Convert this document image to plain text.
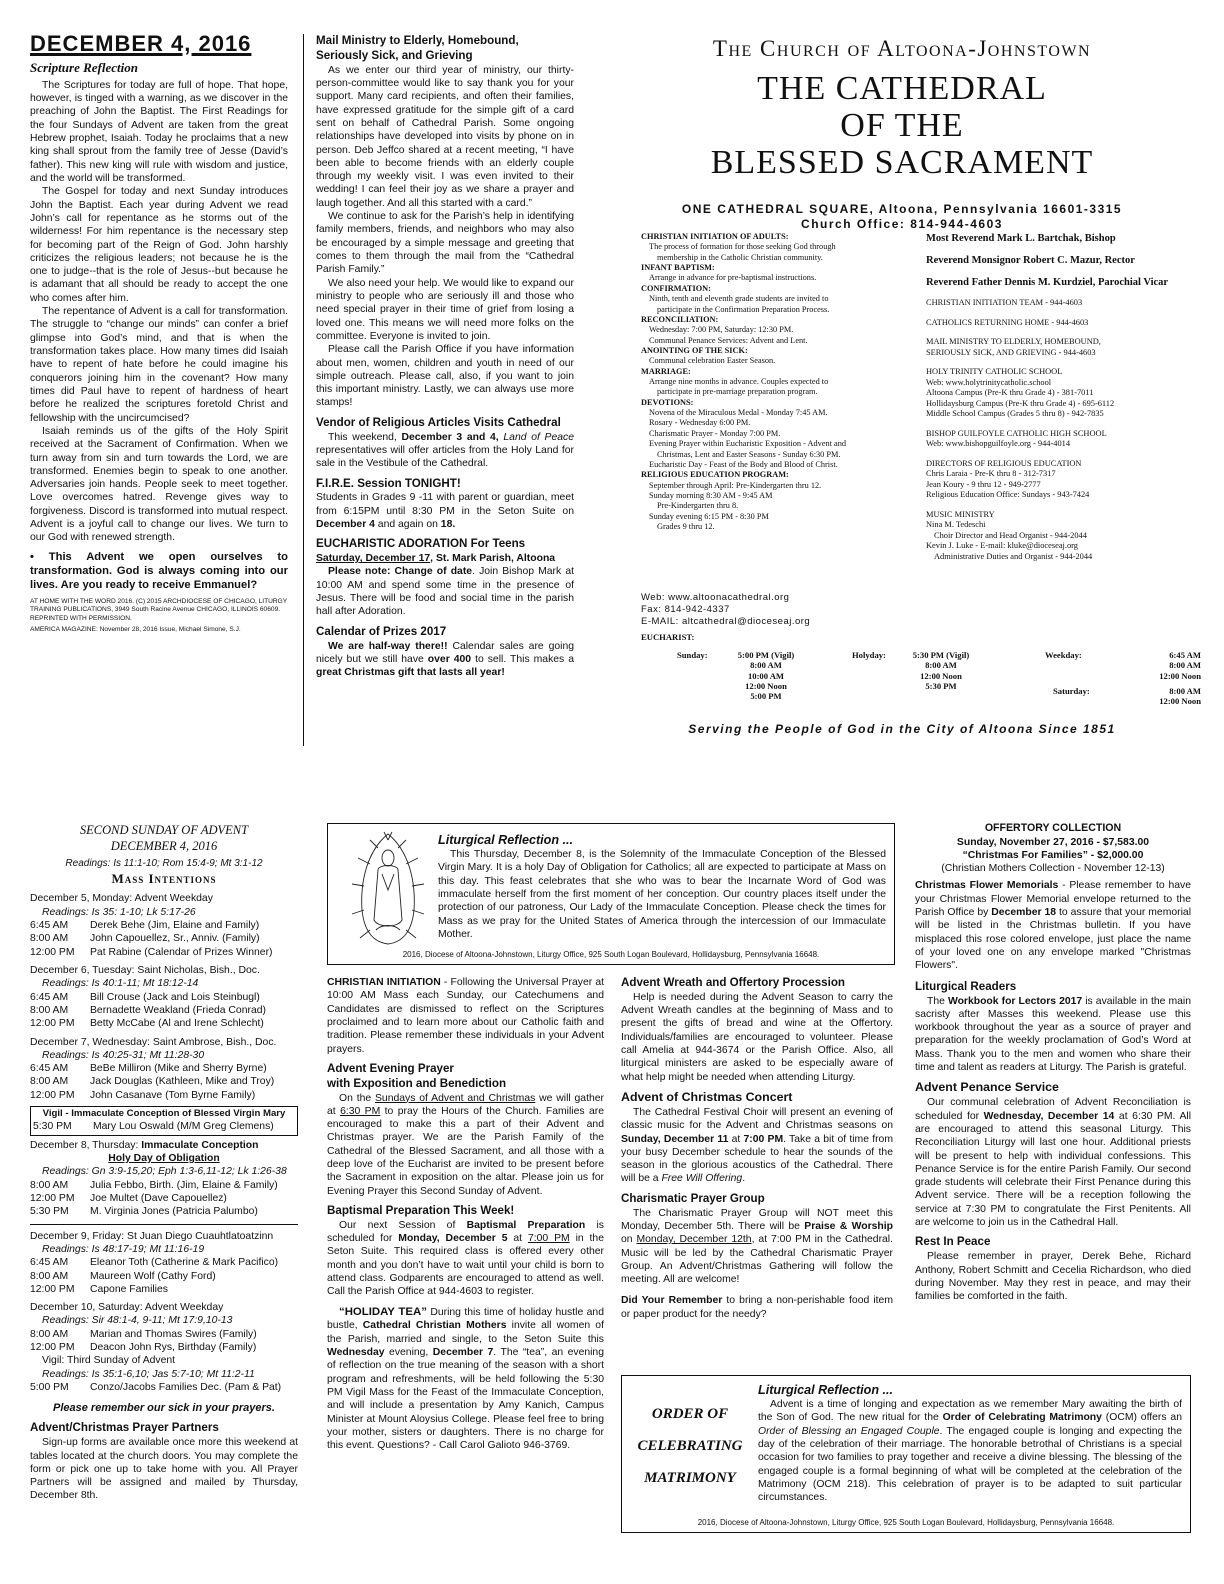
DECEMBER 4, 2016
Scripture Reflection

The Scriptures for today are full of hope. That hope, however, is tinged with a warning, as we discover in the preaching of John the Baptist. The First Readings for the four Sundays of Advent are taken from the great Hebrew prophet, Isaiah. Today he proclaims that a new king shall sprout from the family tree of Jesse (David’s father). This new king will rule with wisdom and justice, and the world will be transformed.

The Gospel for today and next Sunday introduces John the Baptist. Each year during Advent we read John’s call for repentance as he storms out of the wilderness! For him repentance is the necessary step for becoming part of the Reign of God. John harshly criticizes the religious leaders; not because he is the one to judge--that is the role of Jesus--but because he is adamant that all should be ready to accept the one who comes after him.

The repentance of Advent is a call for transformation. The struggle to “change our minds” can confer a brief glimpse into God’s mind, and that is when the transformation takes place. How many times did Isaiah have to repent of hate before he could imagine his conquerors joining him in the covenant? How many times did Paul have to repent of hardness of heart before he realized the scriptures foretold Christ and fellowship with the uncircumcised?

Isaiah reminds us of the gifts of the Holy Spirit received at the Sacrament of Confirmation. When we turn away from sin and turn towards the Lord, we are transformed. Enemies begin to speak to one another. Adversaries join hands. People seek to meet together. Love overcomes hatred. Revenge gives way to forgiveness. Discord is transformed into mutual respect. Advent is a joyful call to change our lives. We turn to our God with renewed strength.

• This Advent we open ourselves to transformation. God is always coming into our lives. Are you ready to receive Emmanuel?

AT HOME WITH THE WORD 2016. (C) 2015 ARCHDIOCESE OF CHICAGO, LITURGY TRAINING PUBLICATIONS, 3949 South Racine Avenue CHICAGO, ILLINOIS 60609. REPRINTED WITH PERMISSION.

AMERICA MAGAZINE: November 28, 2016 Issue, Michael Simone, S.J.

Mail Ministry to Elderly, Homebound, Seriously Sick, and Grieving

As we enter our third year of ministry, our thirty-person-committee would like to say thank you for your support. Many card recipients, and often their families, have expressed gratitude for the simple gift of a card sent on behalf of Cathedral Parish. Some ongoing relationships have developed into visits by phone on in person. Deb Jeffco shared at a recent meeting, “I have been able to become friends with an elderly couple through my weekly visit. I was even invited to their wedding! I can feel their joy as we share a prayer and laugh together. And all this started with a card.”

We continue to ask for the Parish’s help in identifying family members, friends, and neighbors who may also be encouraged by a simple message and greeting that comes to them through the mail from the “Cathedral Parish Family.”

We also need your help. We would like to expand our ministry to people who are seriously ill and those who need special prayer in their time of grief from losing a loved one. This means we will need more folks on the committee. Everyone is invited to join.

Please call the Parish Office if you have information about men, women, children and youth in need of our simple outreach. Please call, also, if you want to join this important ministry. Lastly, we can always use more stamps!

Vendor of Religious Articles Visits Cathedral

This weekend, December 3 and 4, Land of Peace representatives will offer articles from the Holy Land for sale in the Vestibule of the Cathedral.

F.I.R.E. Session TONIGHT!

Students in Grades 9 -11 with parent or guardian, meet from 6:15PM until 8:30 PM in the Seton Suite on December 4 and again on 18.

EUCHARISTIC ADORATION For Teens
Saturday, December 17, St. Mark Parish, Altoona

Please note: Change of date. Join Bishop Mark at 10:00 AM and spend some time in the presence of Jesus. There will be food and social time in the parish hall after Adoration.

Calendar of Prizes 2017

We are half-way there!! Calendar sales are going nicely but we still have over 400 to sell. This makes a great Christmas gift that lasts all year!

The Church of Altoona-Johnstown
THE CATHEDRAL
OF THE
BLESSED SACRAMENT
ONE CATHEDRAL SQUARE, Altoona, Pennsylvania 16601-3315
Church Office: 814-944-4603
CHRISTIAN INITIATION OF ADULTS:
The process of formation for those seeking God through
membership in the Catholic Christian community.
INFANT BAPTISM:
Arrange in advance for pre-baptismal instructions.
CONFIRMATION:
Ninth, tenth and eleventh grade students are invited to
participate in the Confirmation Preparation Process.
RECONCILIATION:
Wednesday: 7:00 PM, Saturday: 12:30 PM.
Communal Penance Services: Advent and Lent.
ANOINTING OF THE SICK:
Communal celebration Easter Season.
MARRIAGE:
Arrange nine months in advance. Couples expected to
participate in pre-marriage preparation program.
DEVOTIONS:
Novena of the Miraculous Medal - Monday 7:45 AM.
Rosary - Wednesday 6:00 PM.
Charismatic Prayer - Monday 7:00 PM.
Evening Prayer within Eucharistic Exposition - Advent and
Christmas, Lent and Easter Seasons - Sunday 6:30 PM.
Eucharistic Day - Feast of the Body and Blood of Christ.
RELIGIOUS EDUCATION PROGRAM:
September through April: Pre-Kindergarten thru 12.
Sunday morning 8:30 AM - 9:45 AM
Pre-Kindergarten thru 8.
Sunday evening 6:15 PM - 8:30 PM
Grades 9 thru 12.
Web: www.altoonacathedral.org
Fax: 814-942-4337
E-MAIL: altcathedral@dioceseaj.org
Most Reverend Mark L. Bartchak, Bishop
Reverend Monsignor Robert C. Mazur, Rector
Reverend Father Dennis M. Kurdziel, Parochial Vicar
CHRISTIAN INITIATION TEAM - 944-4603
CATHOLICS RETURNING HOME - 944-4603
MAIL MINISTRY TO ELDERLY, HOMEBOUND,
SERIOUSLY SICK, AND GRIEVING - 944-4603
HOLY TRINITY CATHOLIC SCHOOL
Web: www.holytrinitycatholic.school
Altoona Campus (Pre-K thru Grade 4) - 381-7011
Hollidaysburg Campus (Pre-K thru Grade 4) - 695-6112
Middle School Campus (Grades 5 thru 8) - 942-7835
BISHOP GUILFOYLE CATHOLIC HIGH SCHOOL
Web: www.bishopguilfoyle.org - 944-4014
DIRECTORS OF RELIGIOUS EDUCATION
Chris Laraia - Pre-K thru 8 - 312-7317
Jean Koury - 9 thru 12 - 949-2777
Religious Education Office: Sundays - 943-7424
MUSIC MINISTRY
Nina M. Tedeschi
Choir Director and Head Organist - 944-2044
Kevin J. Luke - E-mail: kluke@dioceseaj.org
Administrative Duties and Organist - 944-2044
EUCHARIST:
Sunday:	5:00 PM (Vigil)
8:00 AM
10:00 AM
12:00 Noon
5:00 PM
Holyday:	5:30 PM (Vigil)
8:00 AM
12:00 Noon
5:30 PM
Weekday:	6:45 AM
8:00 AM
12:00 Noon
Saturday:	8:00 AM
12:00 Noon
Serving the People of God in the City of Altoona Since 1851
SECOND SUNDAY OF ADVENT
DECEMBER 4, 2016
Readings: Is 11:1-10; Rom 15:4-9; Mt 3:1-12
Mass Intentions
December 5, Monday: Advent Weekday
Readings: Is 35: 1-10; Lk 5:17-26
6:45 AM	Derek Behe (Jim, Elaine and Family)
8:00 AM	John Capouellez, Sr., Anniv. (Family)
12:00 PM	Pat Rabine (Calendar of Prizes Winner)
December 6, Tuesday: Saint Nicholas, Bish., Doc.
Readings: Is 40:1-11; Mt 18:12-14
6:45 AM	Bill Crouse (Jack and Lois Steinbugl)
8:00 AM	Bernadette Weakland (Frieda Conrad)
12:00 PM	Betty McCabe (Al and Irene Schlecht)
December 7, Wednesday: Saint Ambrose, Bish., Doc.
Readings: Is 40:25-31; Mt 11:28-30
6:45 AM	BeBe Milliron (Mike and Sherry Byrne)
8:00 AM	Jack Douglas (Kathleen, Mike and Troy)
12:00 PM	John Casanave (Tom Byrne Family)
Vigil - Immaculate Conception of Blessed Virgin Mary
5:30 PM	Mary Lou Oswald (M/M Greg Clemens)
December 8, Thursday: Immaculate Conception
Holy Day of Obligation
Readings: Gn 3:9-15,20; Eph 1:3-6,11-12; Lk 1:26-38
8:00 AM	Julia Febbo, Birth. (Jim, Elaine & Family)
12:00 PM	Joe Multet (Dave Capouellez)
5:30 PM	M. Virginia Jones (Patricia Palumbo)
December 9, Friday: St Juan Diego Cuauhtlatoatzinn
Readings: Is 48:17-19; Mt 11:16-19
6:45 AM	Eleanor Toth (Catherine & Mark Pacifico)
8:00 AM	Maureen Wolf (Cathy Ford)
12:00 PM	Capone Families
December 10, Saturday: Advent Weekday
Readings: Sir 48:1-4, 9-11; Mt 17:9,10-13
8:00 AM	Marian and Thomas Swires (Family)
12:00 PM	Deacon John Rys, Birthday (Family)
Vigil: Third Sunday of Advent
Readings: Is 35:1-6,10; Jas 5:7-10; Mt 11:2-11
5:00 PM	Conzo/Jacobs Families Dec. (Pam & Pat)
Please remember our sick in your prayers.
Advent/Christmas Prayer Partners

Sign-up forms are available once more this weekend at tables located at the church doors. You may complete the form or pick one up to take home with you. All Prayer Partners will be assigned and mailed by Thursday, December 8th.

Liturgical Reflection ...

This Thursday, December 8, is the Solemnity of the Immaculate Conception of the Blessed Virgin Mary. It is a holy Day of Obligation for Catholics; all are expected to participate at Mass on this day. This feast celebrates that she who was to bear the Incarnate Word of God was immaculate herself from the first moment of her conception. Our country places itself under the protection of our patroness, Our Lady of the Immaculate Conception. Please check the times for Mass as we pray for the United States of America through the intercession of our Immaculate Mother.

2016, Diocese of Altoona-Johnstown, Liturgy Office, 925 South Logan Boulevard, Hollidaysburg, Pennsylvania 16648.

CHRISTIAN INITIATION - Following the Universal Prayer at 10:00 AM Mass each Sunday, our Catechumens and Candidates are dismissed to reflect on the Scriptures proclaimed and to learn more about our Catholic faith and tradition. Please remember these individuals in your Advent prayers.

Advent Evening Prayer
with Exposition and Benediction

On the Sundays of Advent and Christmas we will gather at 6:30 PM to pray the Hours of the Church. Families are encouraged to make this a part of their Advent and Christmas prayer. We are the Parish Family of the Cathedral of the Blessed Sacrament, and all those with a deep love of the Eucharist are invited to be present before the Sacrament in exposition on the altar. Please join us for Evening Prayer this Second Sunday of Advent.

Baptismal Preparation This Week!

Our next Session of Baptismal Preparation is scheduled for Monday, December 5 at 7:00 PM in the Seton Suite. This required class is offered every other month and you don’t have to wait until your child is born to attend class. Godparents are encouraged to attend as well. Call the Parish Office at 944-4603 to register.

“HOLIDAY TEA” During this time of holiday hustle and bustle, Cathedral Christian Mothers invite all women of the Parish, married and single, to the Seton Suite this Wednesday evening, December 7. The “tea”, an evening of reflection on the true meaning of the season with a short program and refreshments, will be held following the 5:30 PM Vigil Mass for the Feast of the Immaculate Conception, and will include a presentation by Amy Kanich, Campus Minister at Mount Aloysius College. Please feel free to bring your mother, sisters or daughters. There is no charge for this event. Questions? - Call Carol Galioto 946-3769.

Advent Wreath and Offertory Procession

Help is needed during the Advent Season to carry the Advent Wreath candles at the beginning of Mass and to present the gifts of bread and wine at the Offertory. Individuals/families are encouraged to volunteer. Please call Amelia at 944-3674 or the Parish Office. Also, all liturgical ministers are asked to be especially aware of what help might be needed when attending Liturgy.

Advent of Christmas Concert

The Cathedral Festival Choir will present an evening of classic music for the Advent and Christmas seasons on Sunday, December 11 at 7:00 PM. Take a bit of time from your busy December schedule to hear the sounds of the season in the glorious acoustics of the Cathedral. There will be a Free Will Offering.

Charismatic Prayer Group

The Charismatic Prayer Group will NOT meet this Monday, December 5th. There will be Praise & Worship on Monday, December 12th, at 7:00 PM in the Cathedral. Music will be led by the Cathedral Charismatic Prayer Group. An Advent/Christmas Gathering will follow the meeting. All are welcome!

Did Your Remember to bring a non-perishable food item or paper product for the needy?

OFFERTORY COLLECTION
Sunday, November 27, 2016 - $7,583.00
“Christmas For Families” - $2,000.00
(Christian Mothers Collection - November 12-13)

Christmas Flower Memorials - Please remember to have your Christmas Flower Memorial envelope returned to the Parish Office by December 18 to assure that your memorial will be listed in the Christmas bulletin. If you have misplaced this rose colored envelope, just place the name of your loved one on any envelope marked "Christmas Flowers".

Liturgical Readers

The Workbook for Lectors 2017 is available in the main sacristy after Masses this weekend. Please use this workbook throughout the year as a source of prayer and preparation for the weekly proclamation of God’s Word at Mass. Thank you to the men and women who share their time and talent as readers at Liturgy. The Parish is grateful.

Advent Penance Service

Our communal celebration of Advent Reconciliation is scheduled for Wednesday, December 14 at 6:30 PM. All are encouraged to attend this seasonal Liturgy. This Reconciliation Liturgy will last one hour. Additional priests will be present to help with individual confessions. This Penance Service is for the entire Parish Family. Our second grade students will celebrate their First Penance during this Advent service. There will be a reception following the service at 7:30 PM to congratulate the First Penitents. All are welcome to join us in the Cathedral Hall.

Rest In Peace

Please remember in prayer, Derek Behe, Richard Anthony, Robert Schmitt and Cecelia Richardson, who died during November. May they rest in peace, and may their families be comforted in the faith.

ORDER OF
CELEBRATING
MATRIMONY
Liturgical Reflection ...

Advent is a time of longing and expectation as we remember Mary awaiting the birth of the Son of God. The new ritual for the Order of Celebrating Matrimony (OCM) offers an Order of Blessing an Engaged Couple. The engaged couple is longing and expecting the day of the celebration of their marriage. The honorable betrothal of Christians is a special occasion for two families to pray together and receive a divine blessing. The blessing of the engaged couple is a formal beginning of what will be completed at the celebration of the Matrimony (OCM 218). This celebration of prayer is to be adapted to suit particular circumstances.

2016, Diocese of Altoona-Johnstown, Liturgy Office, 925 South Logan Boulevard, Hollidaysburg, Pennsylvania 16648.
